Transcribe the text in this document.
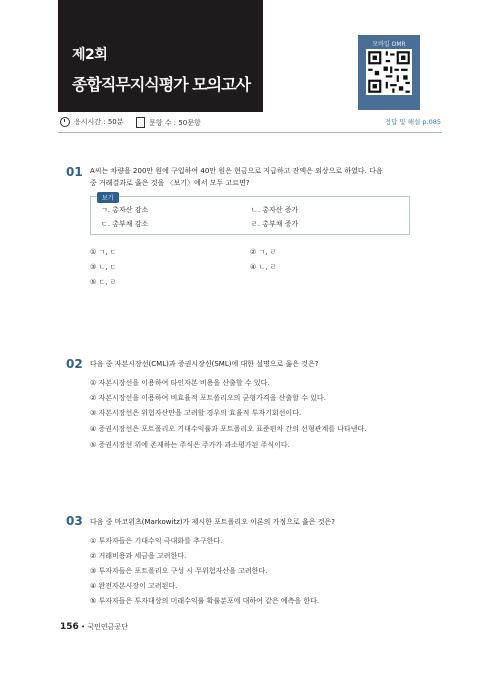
제2회
종합직무지식평가 모의고사
모바일 OMR
응시시간 : 50분	문항 수 : 50문항	정답 및 해설 p.085
01 A씨는 차량을 200만 원에 구입하여 40만 원은 현금으로 지급하고 잔액은 외상으로 하였다. 다음
중 거래결과로 옳은 것을 〈보기〉에서 모두 고르면?
보기
ㄱ. 총자산 감소	ㄴ. 총자산 증가
ㄷ. 총부채 감소	ㄹ. 총부채 증가
① ㄱ, ㄷ	② ㄱ, ㄹ
③ ㄴ, ㄷ	④ ㄴ, ㄹ
⑤ ㄷ, ㄹ
02 다음 중 자본시장선(CML)과 증권시장선(SML)에 대한 설명으로 옳은 것은?
① 자본시장선을 이용하여 타인자본 비용을 산출할 수 있다.
② 자본시장선을 이용하여 비효율적 포트폴리오의 균형가격을 산출할 수 있다.
③ 자본시장선은 위험자산만을 고려할 경우의 효율적 투자기회선이다.
④ 증권시장선은 포트폴리오 기대수익률과 포트폴리오 표준편차 간의 선형관계를 나타낸다.
⑤ 증권시장선 위에 존재하는 주식은 주가가 과소평가된 주식이다.
03 다음 중 마코위츠(Markowitz)가 제시한 포트폴리오 이론의 가정으로 옳은 것은?
① 투자자들은 기대수익 극대화를 추구한다.
② 거래비용과 세금을 고려한다.
③ 투자자들은 포트폴리오 구성 시 무위험자산을 고려한다.
④ 완전자본시장이 고려된다.
⑤ 투자자들은 투자대상의 미래수익률 확률분포에 대하여 같은 예측을 한다.
156 • 국민연금공단
